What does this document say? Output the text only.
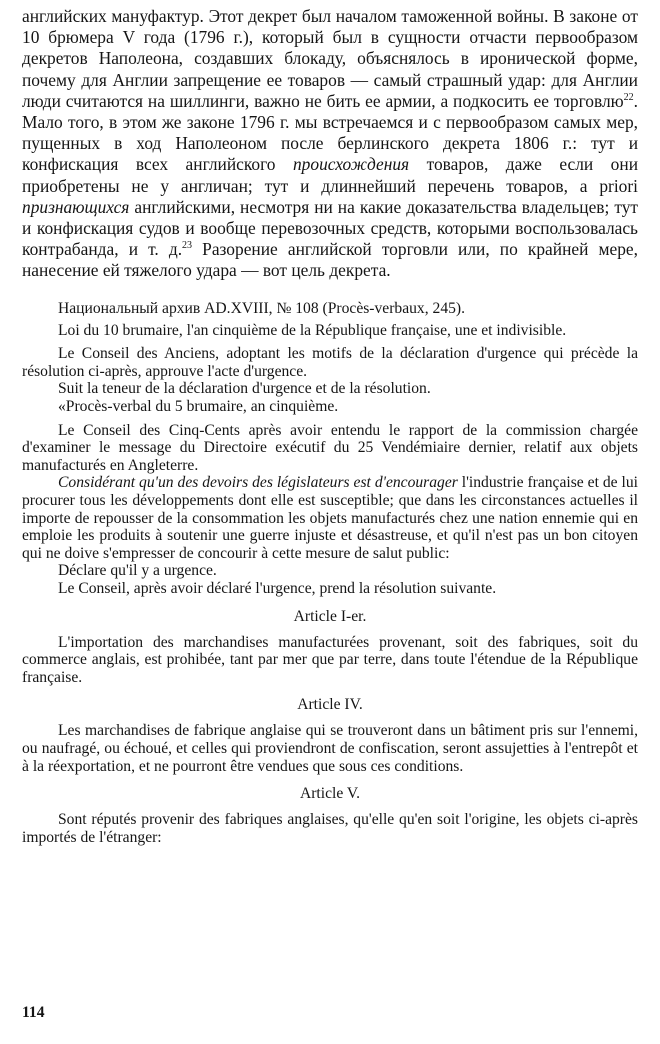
английских мануфактур. Этот декрет был началом таможенной войны. В законе от 10 брюмера V года (1796 г.), который был в сущности отчасти первообразом декретов Наполеона, создавших блокаду, объяснялось в иронической форме, почему для Англии запрещение ее товаров — самый страшный удар: для Англии люди считаются на шиллинги, важно не бить ее армии, а подкосить ее торговлю$^{22}$. Мало того, в этом же законе 1796 г. мы встречаемся и с первообразом самых мер, пущенных в ход Наполеоном после берлинского декрета 1806 г.: тут и конфискация всех английского происхождения товаров, даже если они приобретены не у англичан; тут и длиннейший перечень товаров, а priori признающихся английскими, несмотря ни на какие доказательства владельцев; тут и конфискация судов и вообще перевозочных средств, которыми воспользовалась контрабанда, и т. д.$^{23}$ Разорение английской торговли или, по крайней мере, нанесение ей тяжелого удара — вот цель декрета.

Национальный архив AD.XVIII, № 108 (Procès-verbaux, 245).

Loi du 10 brumaire, l'an cinquième de la République française, une et indivisible.

Le Conseil des Anciens, adoptant les motifs de la déclaration d'urgence qui précède la résolution ci-après, approuve l'acte d'urgence.

Suit la teneur de la déclaration d'urgence et de la résolution.

«Procès-verbal du 5 brumaire, an cinquième.

Le Conseil des Cinq-Cents après avoir entendu le rapport de la commission chargée d'examiner le message du Directoire exécutif du 25 Vendémiaire dernier, relatif aux objets manufacturés en Angleterre.

Considérant qu'un des devoirs des législateurs est d'encourager l'industrie française et de lui procurer tous les développements dont elle est susceptible; que dans les circonstances actuelles il importe de repousser de la consommation les objets manufacturés chez une nation ennemie qui en emploie les produits à soutenir une guerre injuste et désastreuse, et qu'il n'est pas un bon citoyen qui ne doive s'empresser de concourir à cette mesure de salut public:

Déclare qu'il y a urgence.

Le Conseil, après avoir déclaré l'urgence, prend la résolution suivante.

Article I-er.

L'importation des marchandises manufacturées provenant, soit des fabriques, soit du commerce anglais, est prohibée, tant par mer que par terre, dans toute l'étendue de la République française.

Article IV.

Les marchandises de fabrique anglaise qui se trouveront dans un bâtiment pris sur l'ennemi, ou naufragé, ou échoué, et celles qui proviendront de confiscation, seront assujetties à l'entrepôt et à la réexportation, et ne pourront être vendues que sous ces conditions.

Article V.

Sont réputés provenir des fabriques anglaises, qu'elle qu'en soit l'origine, les objets ci-après importés de l'étranger:

114
